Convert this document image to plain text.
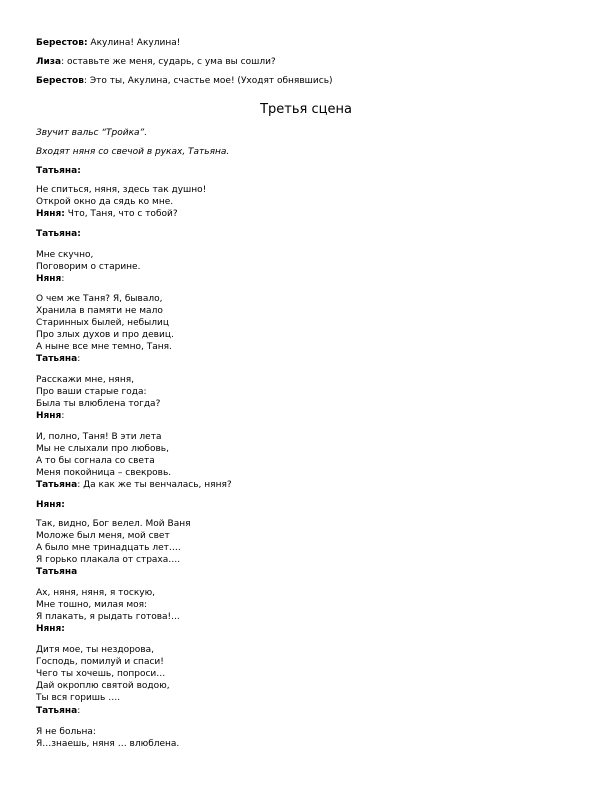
Берестов: Акулина! Акулина!
Лиза: оставьте же меня, сударь, с ума вы сошли?
Берестов: Это ты, Акулина, счастье мое! (Уходят обнявшись)
Третья сцена
Звучит вальс “Тройка”.
Входят няня со свечой в руках, Татьяна.
Татьяна:
Не спиться, няня, здесь так душно!
Открой окно да сядь ко мне.
Няня: Что, Таня, что с тобой?
Татьяна:
Мне скучно,
Поговорим о старине.
Няня:
О чем же Таня? Я, бывало,
Хранила в памяти не мало
Старинных былей, небылиц
Про злых духов и про девиц.
А ныне все мне темно, Таня.
Татьяна:
Расскажи мне, няня,
Про ваши старые года:
Была ты влюблена тогда?
Няня:
И, полно, Таня! В эти лета
Мы не слыхали про любовь,
А то бы согнала со света
Меня покойница – свекровь.
Татьяна: Да как же ты венчалась, няня?
Няня:
Так, видно, Бог велел. Мой Ваня
Моложе был меня, мой свет
А было мне тринадцать лет….
Я горько плакала от страха….
Татьяна
Ах, няня, няня, я тоскую,
Мне тошно, милая моя:
Я плакать, я рыдать готова!...
Няня:
Дитя мое, ты нездорова,
Господь, помилуй и спаси!
Чего ты хочешь, попроси…
Дай окроплю святой водою,
Ты вся горишь ….
Татьяна:
Я не больна:
Я…знаешь, няня … влюблена.
